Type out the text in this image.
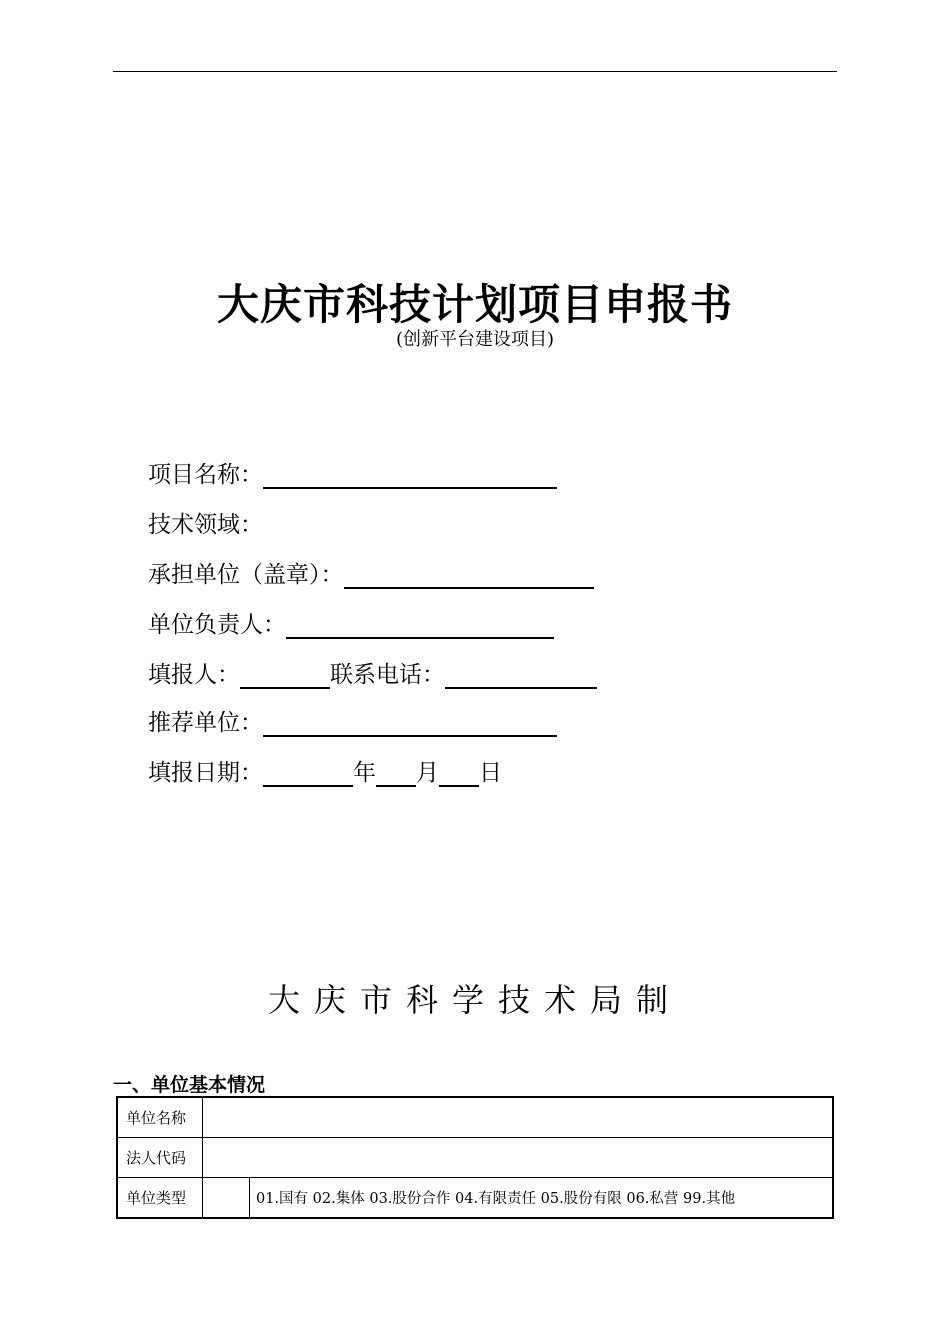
大庆市科技计划项目申报书
(创新平台建设项目)
项目名称：
技术领域：
承担单位（盖章）：
单位负责人：
填报人：	联系电话：
推荐单位：
填报日期：	年 月 日
大庆市科学技术局制
一、单位基本情况
单位名称		
法人代码		
单位类型		01.国有 02.集体 03.股份合作 04.有限责任 05.股份有限 06.私营 99.其他
